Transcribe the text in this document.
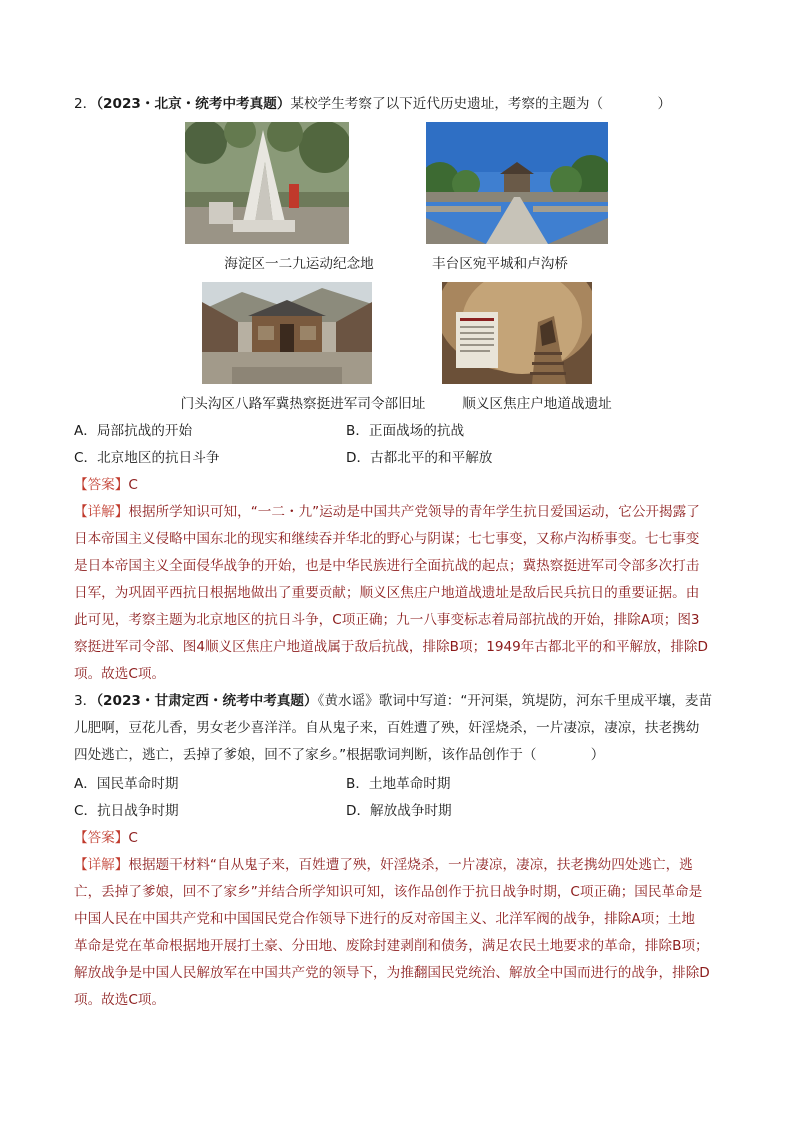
2．（2023・北京・统考中考真题）某校学生考察了以下近代历史遗址，考察的主题为（　　　　）
海淀区一二九运动纪念地	丰台区宛平城和卢沟桥
门头沟区八路军冀热察挺进军司令部旧址	顺义区焦庄户地道战遗址
A．局部抗战的开始	B．正面战场的抗战
C．北京地区的抗日斗争	D．古都北平的和平解放
【答案】C
【详解】根据所学知识可知，“一二・九”运动是中国共产党领导的青年学生抗日爱国运动，它公开揭露了
日本帝国主义侵略中国东北的现实和继续吞并华北的野心与阴谋；七七事变，又称卢沟桥事变。七七事变
是日本帝国主义全面侵华战争的开始，也是中华民族进行全面抗战的起点；冀热察挺进军司令部多次打击
日军，为巩固平西抗日根据地做出了重要贡献；顺义区焦庄户地道战遗址是敌后民兵抗日的重要证据。由
此可见，考察主题为北京地区的抗日斗争，C项正确；九一八事变标志着局部抗战的开始，排除A项；图3
察挺进军司令部、图4顺义区焦庄户地道战属于敌后抗战，排除B项；1949年古都北平的和平解放，排除D
项。故选C项。
3．（2023・甘肃定西・统考中考真题）《黄水谣》歌词中写道：“开河渠，筑堤防，河东千里成平壤，麦苗
儿肥啊，豆花儿香，男女老少喜洋洋。自从鬼子来，百姓遭了殃，奸淫烧杀，一片凄凉，凄凉，扶老携幼
四处逃亡，逃亡，丢掉了爹娘，回不了家乡。”根据歌词判断，该作品创作于（　　　　）
A．国民革命时期	B．土地革命时期
C．抗日战争时期	D．解放战争时期
【答案】C
【详解】根据题干材料“自从鬼子来，百姓遭了殃，奸淫烧杀，一片凄凉，凄凉，扶老携幼四处逃亡，逃
亡，丢掉了爹娘，回不了家乡”并结合所学知识可知，该作品创作于抗日战争时期，C项正确；国民革命是
中国人民在中国共产党和中国国民党合作领导下进行的反对帝国主义、北洋军阀的战争，排除A项；土地
革命是党在革命根据地开展打土豪、分田地、废除封建剥削和债务，满足农民土地要求的革命，排除B项；
解放战争是中国人民解放军在中国共产党的领导下，为推翻国民党统治、解放全中国而进行的战争，排除D
项。故选C项。
